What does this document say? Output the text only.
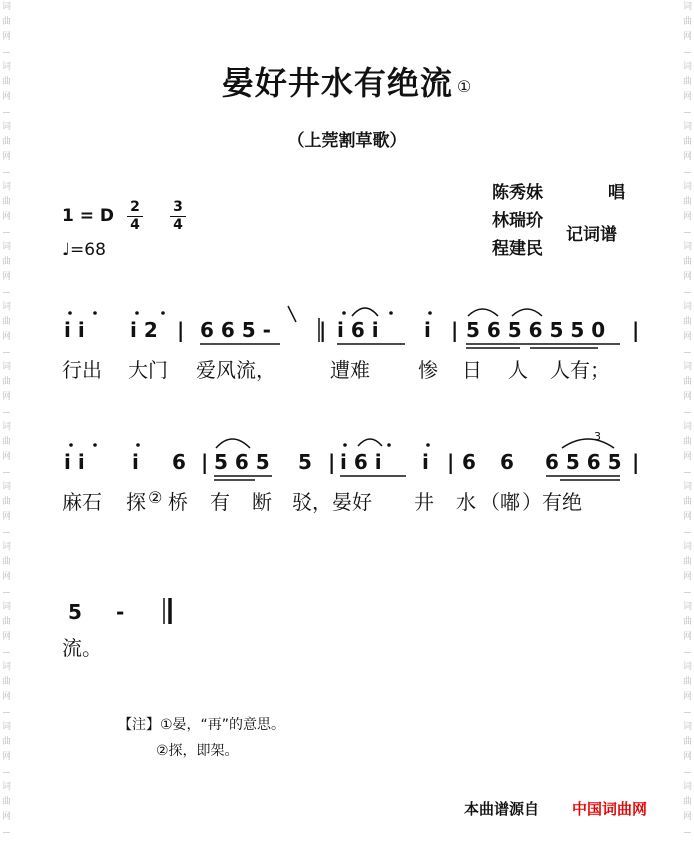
词
曲
网
词
曲
网
词
曲
网
词
曲
网
词
曲
网
词
曲
网
词
曲
网
词
曲
网
词
曲
网
词
曲
网
词
曲
网
词
曲
网
词
曲
网
词
曲
网
词
曲
网
词
曲
网
词
曲
网
词
曲
网
词
曲
网
词
曲
网
词
曲
网
词
曲
网
词
曲
网
词
曲
网
词
曲
网
词
曲
网
词
曲
网
词
曲
网
晏好井水有绝流 ①
（上莞割草歌）
陈秀妹	唱
林瑞玠
程建民
记词谱
1 = D 2
4
3
4
♩=68
i i i 2 | 6 6 5 - | i 6 i i | 5 6 5 6 5 5 0 |
行出 大门 爱风流，	遭难 惨 日 人 人有；
i i i 6 | 5 6 5 5 | i 6 i i | 6 6 6 5 6 5 |
3
麻石 探 ② 桥 有 断 驳， 晏好 井 水 （嘟 ）有绝
5 -
流。
【注】①晏，“再”的意思。
②探，即架。
本曲谱源自 中国词曲网
